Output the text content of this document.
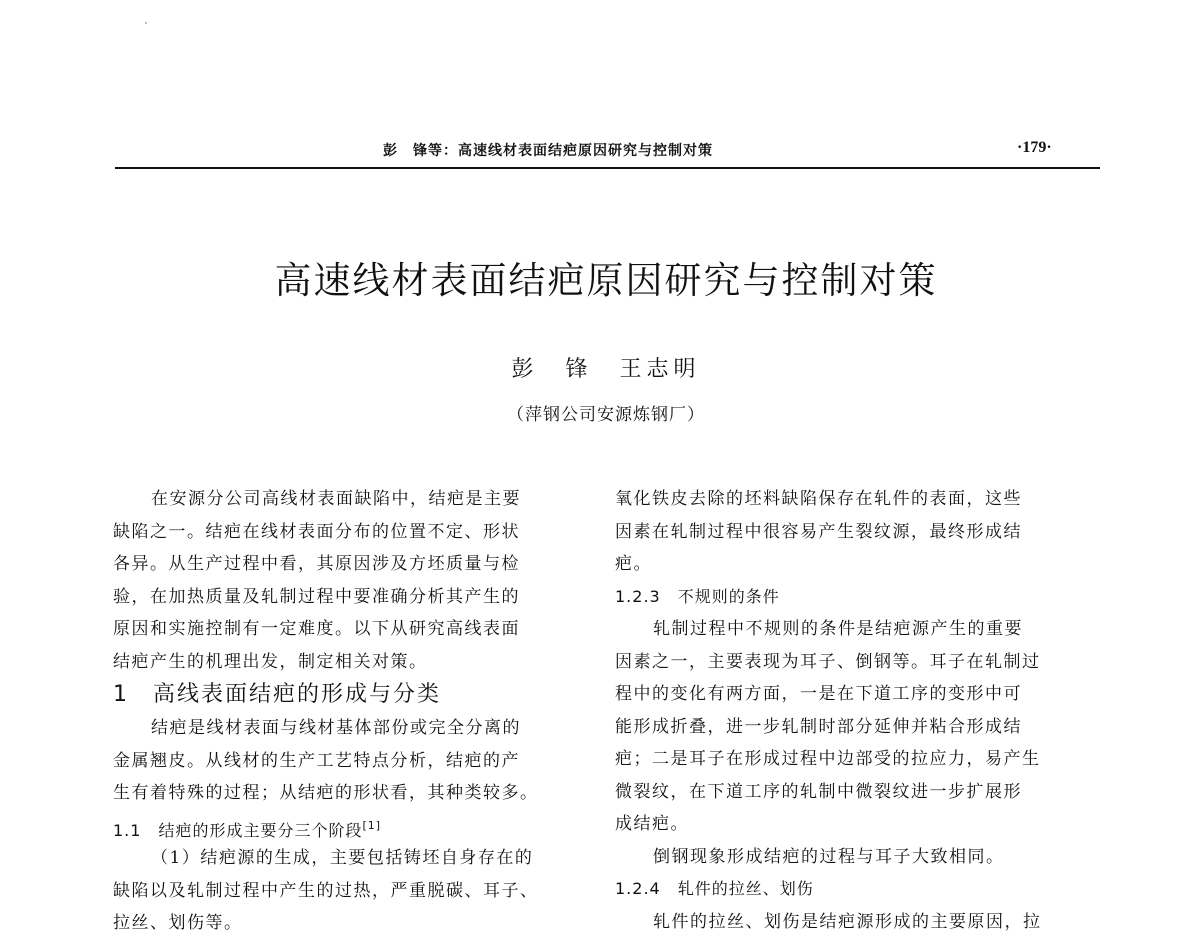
彭　锋等：高速线材表面结疤原因研究与控制对策	·179·
高速线材表面结疤原因研究与控制对策
彭　锋　王志明
（萍钢公司安源炼钢厂）
在安源分公司高线材表面缺陷中，结疤是主要
缺陷之一。结疤在线材表面分布的位置不定、形状
各异。从生产过程中看，其原因涉及方坯质量与检
验，在加热质量及轧制过程中要准确分析其产生的
原因和实施控制有一定难度。以下从研究高线表面
结疤产生的机理出发，制定相关对策。
1　高线表面结疤的形成与分类
结疤是线材表面与线材基体部份或完全分离的
金属翘皮。从线材的生产工艺特点分析，结疤的产
生有着特殊的过程；从结疤的形状看，其种类较多。
1.1　结疤的形成主要分三个阶段[1]
（1）结疤源的生成，主要包括铸坯自身存在的
缺陷以及轧制过程中产生的过热，严重脱碳、耳子、
拉丝、划伤等。
氧化铁皮去除的坯料缺陷保存在轧件的表面，这些
因素在轧制过程中很容易产生裂纹源，最终形成结
疤。
1.2.3　不规则的条件
轧制过程中不规则的条件是结疤源产生的重要
因素之一，主要表现为耳子、倒钢等。耳子在轧制过
程中的变化有两方面，一是在下道工序的变形中可
能形成折叠，进一步轧制时部分延伸并粘合形成结
疤；二是耳子在形成过程中边部受的拉应力，易产生
微裂纹，在下道工序的轧制中微裂纹进一步扩展形
成结疤。
倒钢现象形成结疤的过程与耳子大致相同。
1.2.4　轧件的拉丝、划伤
轧件的拉丝、划伤是结疤源形成的主要原因，拉
